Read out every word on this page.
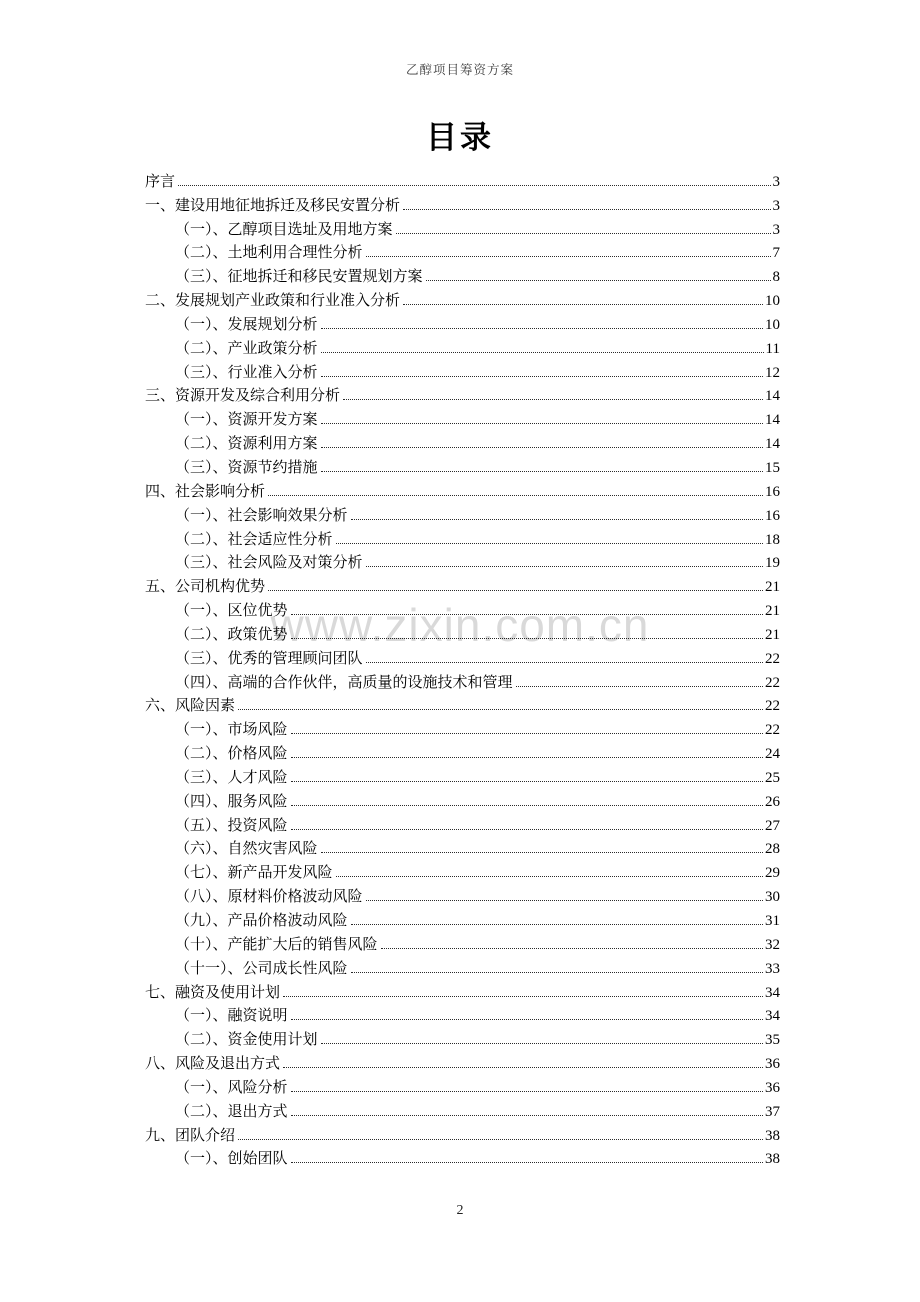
乙醇项目筹资方案
目录
序言	3
一、建设用地征地拆迁及移民安置分析	3
（一）、乙醇项目选址及用地方案	3
（二）、土地利用合理性分析	7
（三）、征地拆迁和移民安置规划方案	8
二、发展规划产业政策和行业准入分析	10
（一）、发展规划分析	10
（二）、产业政策分析	11
（三）、行业准入分析	12
三、资源开发及综合利用分析	14
（一）、资源开发方案	14
（二）、资源利用方案	14
（三）、资源节约措施	15
四、社会影响分析	16
（一）、社会影响效果分析	16
（二）、社会适应性分析	18
（三）、社会风险及对策分析	19
五、公司机构优势	21
（一）、区位优势	21
（二）、政策优势	21
（三）、优秀的管理顾问团队	22
（四）、高端的合作伙伴，高质量的设施技术和管理	22
六、风险因素	22
（一）、市场风险	22
（二）、价格风险	24
（三）、人才风险	25
（四）、服务风险	26
（五）、投资风险	27
（六）、自然灾害风险	28
（七）、新产品开发风险	29
（八）、原材料价格波动风险	30
（九）、产品价格波动风险	31
（十）、产能扩大后的销售风险	32
（十一）、公司成长性风险	33
七、融资及使用计划	34
（一）、融资说明	34
（二）、资金使用计划	35
八、风险及退出方式	36
（一）、风险分析	36
（二）、退出方式	37
九、团队介绍	38
（一）、创始团队	38
www.zixin.com.cn
2
